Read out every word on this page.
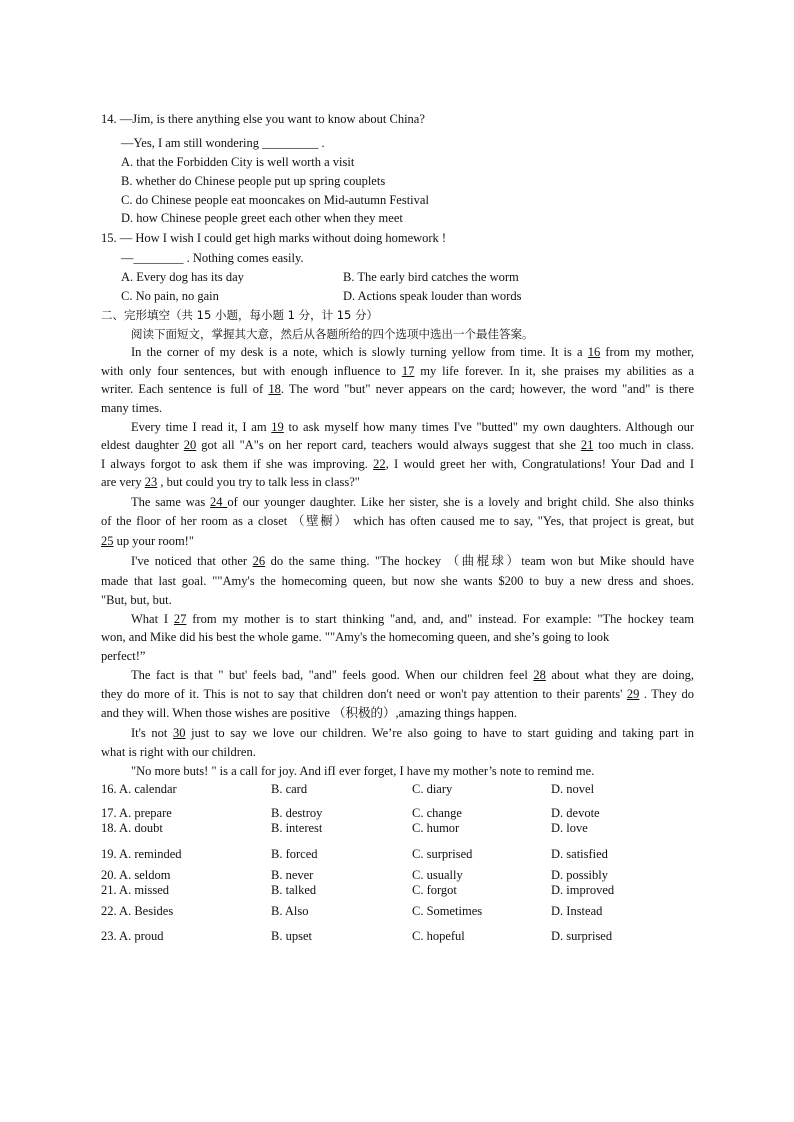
14. —Jim, is there anything else you want to know about China?
—Yes, I am still wondering _________ .
A. that the Forbidden City is well worth a visit
B. whether do Chinese people put up spring couplets
C. do Chinese people eat mooncakes on Mid-autumn Festival
D. how Chinese people greet each other when they meet
15. — How I wish I could get high marks without doing homework !
—________ . Nothing comes easily.
A. Every dog has its day	B. The early bird catches the worm
C. No pain, no gain	D. Actions speak louder than words
二、完形填空（共 15 小题，每小题 1 分，计 15 分）
阅读下面短文，掌握其大意，然后从各题所给的四个选项中选出一个最佳答案。
In the corner of my desk is a note, which is slowly turning yellow from time. It is a 16 from my mother,
with only four sentences, but with enough influence to 17 my life forever. In it, she praises my abilities as a
writer. Each sentence is full of 18. The word "but" never appears on the card; however, the word "and" is there
many times.
Every time I read it, I am 19 to ask myself how many times I've "butted" my own daughters. Although our
eldest daughter 20 got all "A"s on her report card, teachers would always suggest that she 21 too much in class.
I always forgot to ask them if she was improving. 22, I would greet her with, Congratulations! Your Dad and I
are very 23 , but could you try to talk less in class?"
The same was 24 of our younger daughter. Like her sister, she is a lovely and bright child. She also thinks
of the floor of her room as a closet （壁橱） which has often caused me to say, "Yes, that project is great, but
25 up your room!"
I've noticed that other 26 do the same thing. "The hockey （曲棍球）team won but Mike should have
made that last goal. ""Amy's the homecoming queen, but now she wants $200 to buy a new dress and shoes.
"But, but, but.
What I 27 from my mother is to start thinking "and, and, and" instead. For example: "The hockey team
won, and Mike did his best the whole game. ""Amy's the homecoming queen, and she’s going to look
perfect!”
The fact is that " but' feels bad, "and" feels good. When our children feel 28 about what they are doing,
they do more of it. This is not to say that children don't need or won't pay attention to their parents' 29 . They do
and they will. When those wishes are positive （积极的）,amazing things happen.
It's not 30 just to say we love our children. We’re also going to have to start guiding and taking part in
what is right with our children.
"No more buts! " is a call for joy. And ifI ever forget, I have my mother’s note to remind me.
16. A. calendar	B. card	C. diary	D. novel
17. A. prepare	B. destroy	C. change	D. devote
18. A. doubt	B. interest	C. humor	D. love
19. A. reminded	B. forced	C. surprised	D. satisfied
20. A. seldom	B. never	C. usually	D. possibly
21. A. missed	B. talked	C. forgot	D. improved
22. A. Besides	B. Also	C. Sometimes	D. Instead
23. A. proud	B. upset	C. hopeful	D. surprised
